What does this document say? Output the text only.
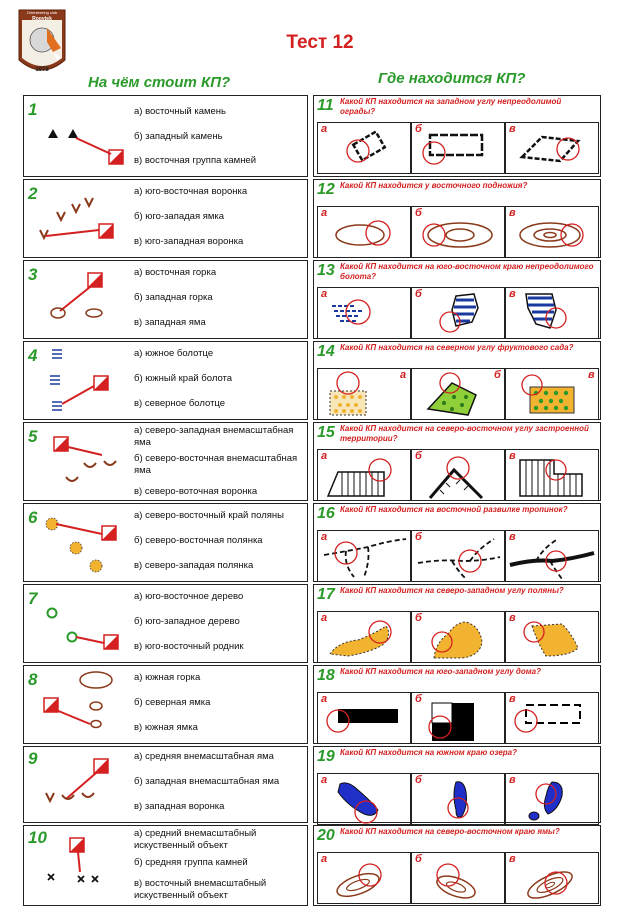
Orienteering club
Roovtek
1978
Тест 12
На чём стоит КП?	Где находится КП?
1	а) восточный камень
б) западный камень
в) восточная группа камней
2	а) юго-восточная воронка
б) юго-западая ямка
в) юго-западная воронка
3	а) восточная горка
б) западная горка
в) западная яма
4	а) южное болотце
б) южный край болота
в) северное болотце
5	а) северо-западная внемасштабная яма
б) северо-восточная внемасштабная яма
в) северо-воточная воронка
6	а) северо-восточный край поляны
б) северо-восточная полянка
в) северо-западая полянка
7	а) юго-восточное дерево
б) юго-западное дерево
в) юго-восточный родник
8	а) южная горка
б) северная ямка
в) южная ямка
9	а) средняя внемасштабная яма
б) западная внемасштабная яма
в) западная воронка
10	а) средний внемасштабный искуственный объект
б) средняя группа камней
в) восточный внемасштабный искуственный объект
11 Какой КП находится на западном углу непреодолимой ограды?
а	б	в
12 Какой КП находится у восточного подножия?
а	б	в
13 Какой КП находится на юго-восточном краю непреодолимого болота?
а	б	в
14 Какой КП находится на северном углу фруктового сада?
а	б	в
15 Какой КП находится на северо-восточном углу застроенной территории?
а	б	в
16 Какой КП находится на восточной развилке тропинок?
а	б	в
17 Какой КП находится на северо-западном углу поляны?
а	б	в
18 Какой КП находится на юго-западном углу дома?
а	б	в
19 Какой КП находится на южном краю озера?
а	б	в
20 Какой КП находится на северо-восточном краю ямы?
а	б	в
